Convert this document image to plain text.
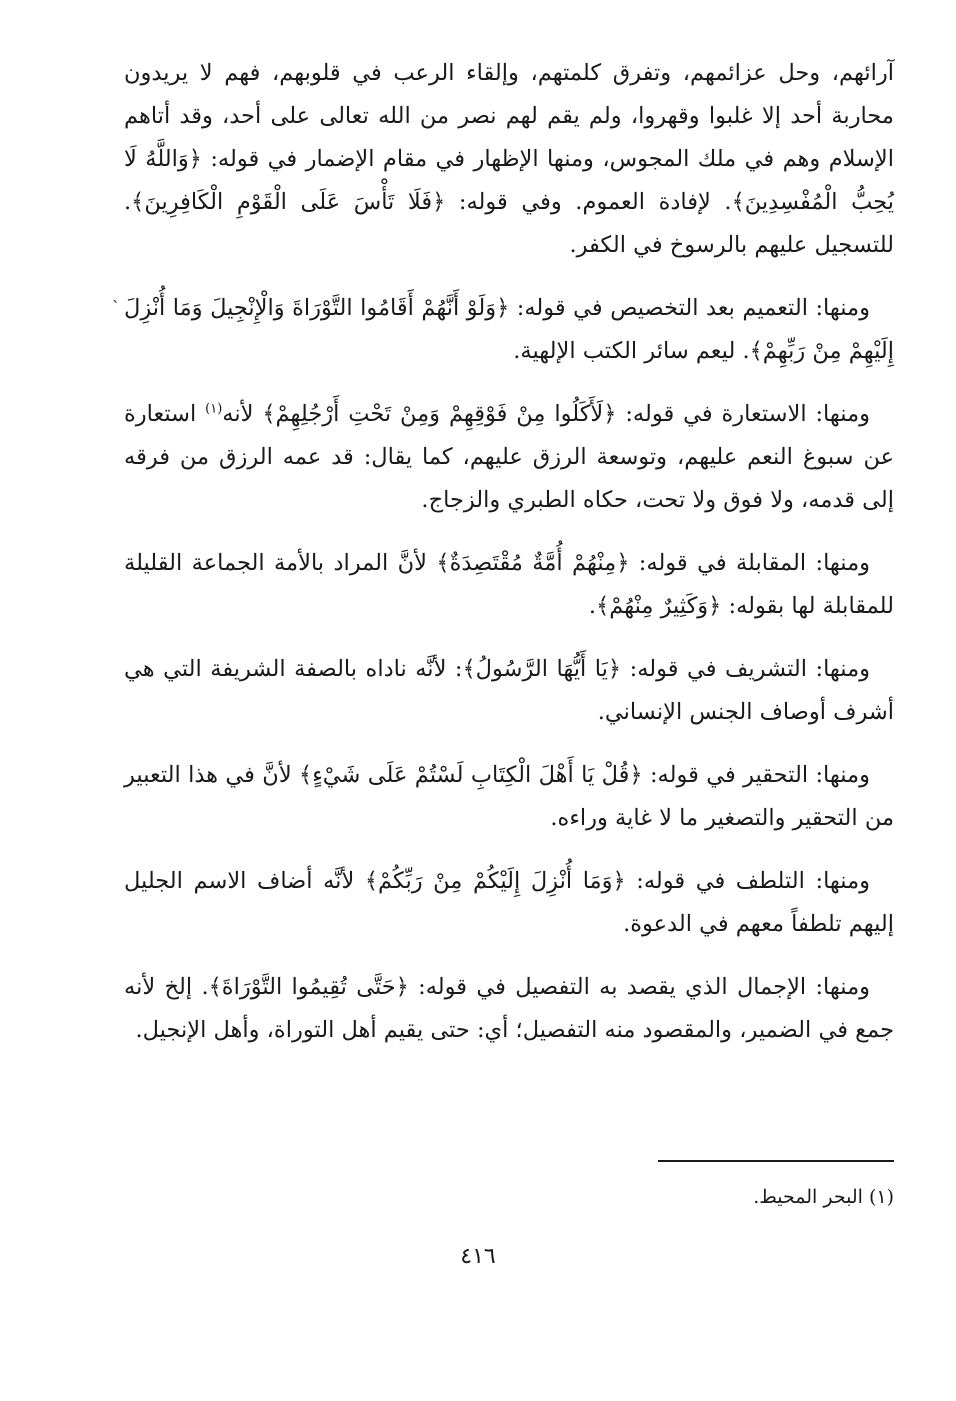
آرائهم، وحل عزائمهم، وتفرق كلمتهم، وإلقاء الرعب في قلوبهم، فهم لا يريدون محاربة أحد إلا غلبوا وقهروا، ولم يقم لهم نصر من الله تعالى على أحد، وقد أتاهم الإسلام وهم في ملك المجوس، ومنها الإظهار في مقام الإضمار في قوله: ﴿وَاللَّهُ لَا يُحِبُّ الْمُفْسِدِينَ﴾. لإفادة العموم. وفي قوله: ﴿فَلَا تَأْسَ عَلَى الْقَوْمِ الْكَافِرِينَ﴾. للتسجيل عليهم بالرسوخ في الكفر.

ومنها: التعميم بعد التخصيص في قوله: ﴿وَلَوْ أَنَّهُمْ أَقَامُوا التَّوْرَاةَ وَالْإِنْجِيلَ وَمَا أُنْزِلَ إِلَيْهِمْ مِنْ رَبِّهِمْ﴾. ليعم سائر الكتب الإلهية.

ومنها: الاستعارة في قوله: ﴿لَأَكَلُوا مِنْ فَوْقِهِمْ وَمِنْ تَحْتِ أَرْجُلِهِمْ﴾ لأنه$^{(١)}$ استعارة عن سبوغ النعم عليهم، وتوسعة الرزق عليهم، كما يقال: قد عمه الرزق من فرقه إلى قدمه، ولا فوق ولا تحت، حكاه الطبري والزجاج.

ومنها: المقابلة في قوله: ﴿مِنْهُمْ أُمَّةٌ مُقْتَصِدَةٌ﴾ لأنَّ المراد بالأمة الجماعة القليلة للمقابلة لها بقوله: ﴿وَكَثِيرٌ مِنْهُمْ﴾.

ومنها: التشريف في قوله: ﴿يَا أَيُّهَا الرَّسُولُ﴾: لأنَّه ناداه بالصفة الشريفة التي هي أشرف أوصاف الجنس الإنساني.

ومنها: التحقير في قوله: ﴿قُلْ يَا أَهْلَ الْكِتَابِ لَسْتُمْ عَلَى شَيْءٍ﴾ لأنَّ في هذا التعبير من التحقير والتصغير ما لا غاية وراءه.

ومنها: التلطف في قوله: ﴿وَمَا أُنْزِلَ إِلَيْكُمْ مِنْ رَبِّكُمْ﴾ لأنَّه أضاف الاسم الجليل إليهم تلطفاً معهم في الدعوة.

ومنها: الإجمال الذي يقصد به التفصيل في قوله: ﴿حَتَّى تُقِيمُوا التَّوْرَاةَ﴾. إلخ لأنه جمع في الضمير، والمقصود منه التفصيل؛ أي: حتى يقيم أهل التوراة، وأهل الإنجيل.

`
(١) البحر المحيط.
٤١٦
